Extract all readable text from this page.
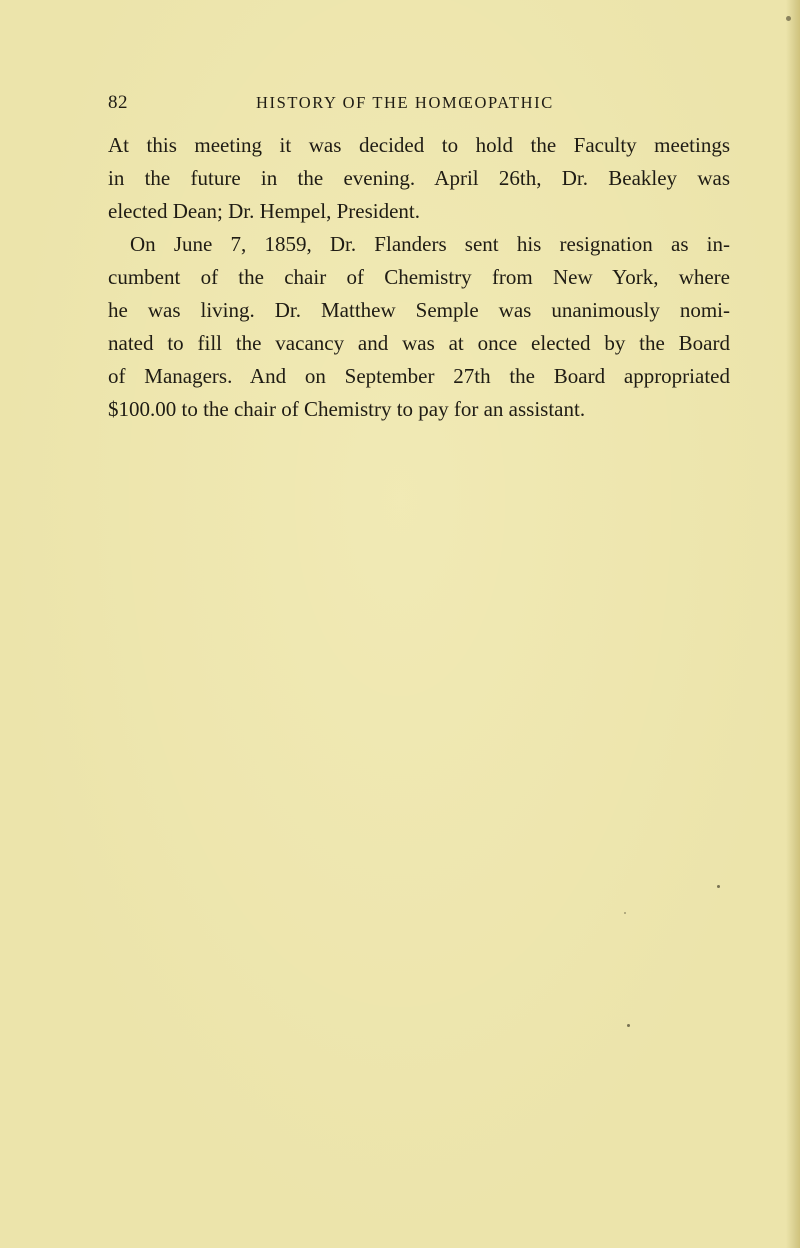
82	HISTORY OF THE HOMŒOPATHIC
At this meeting it was decided to hold the Faculty meetings
in the future in the evening. April 26th, Dr. Beakley was
elected Dean; Dr. Hempel, President.
On June 7, 1859, Dr. Flanders sent his resignation as in-
cumbent of the chair of Chemistry from New York, where
he was living. Dr. Matthew Semple was unanimously nomi-
nated to fill the vacancy and was at once elected by the Board
of Managers. And on September 27th the Board appropriated
$100.00 to the chair of Chemistry to pay for an assistant.
